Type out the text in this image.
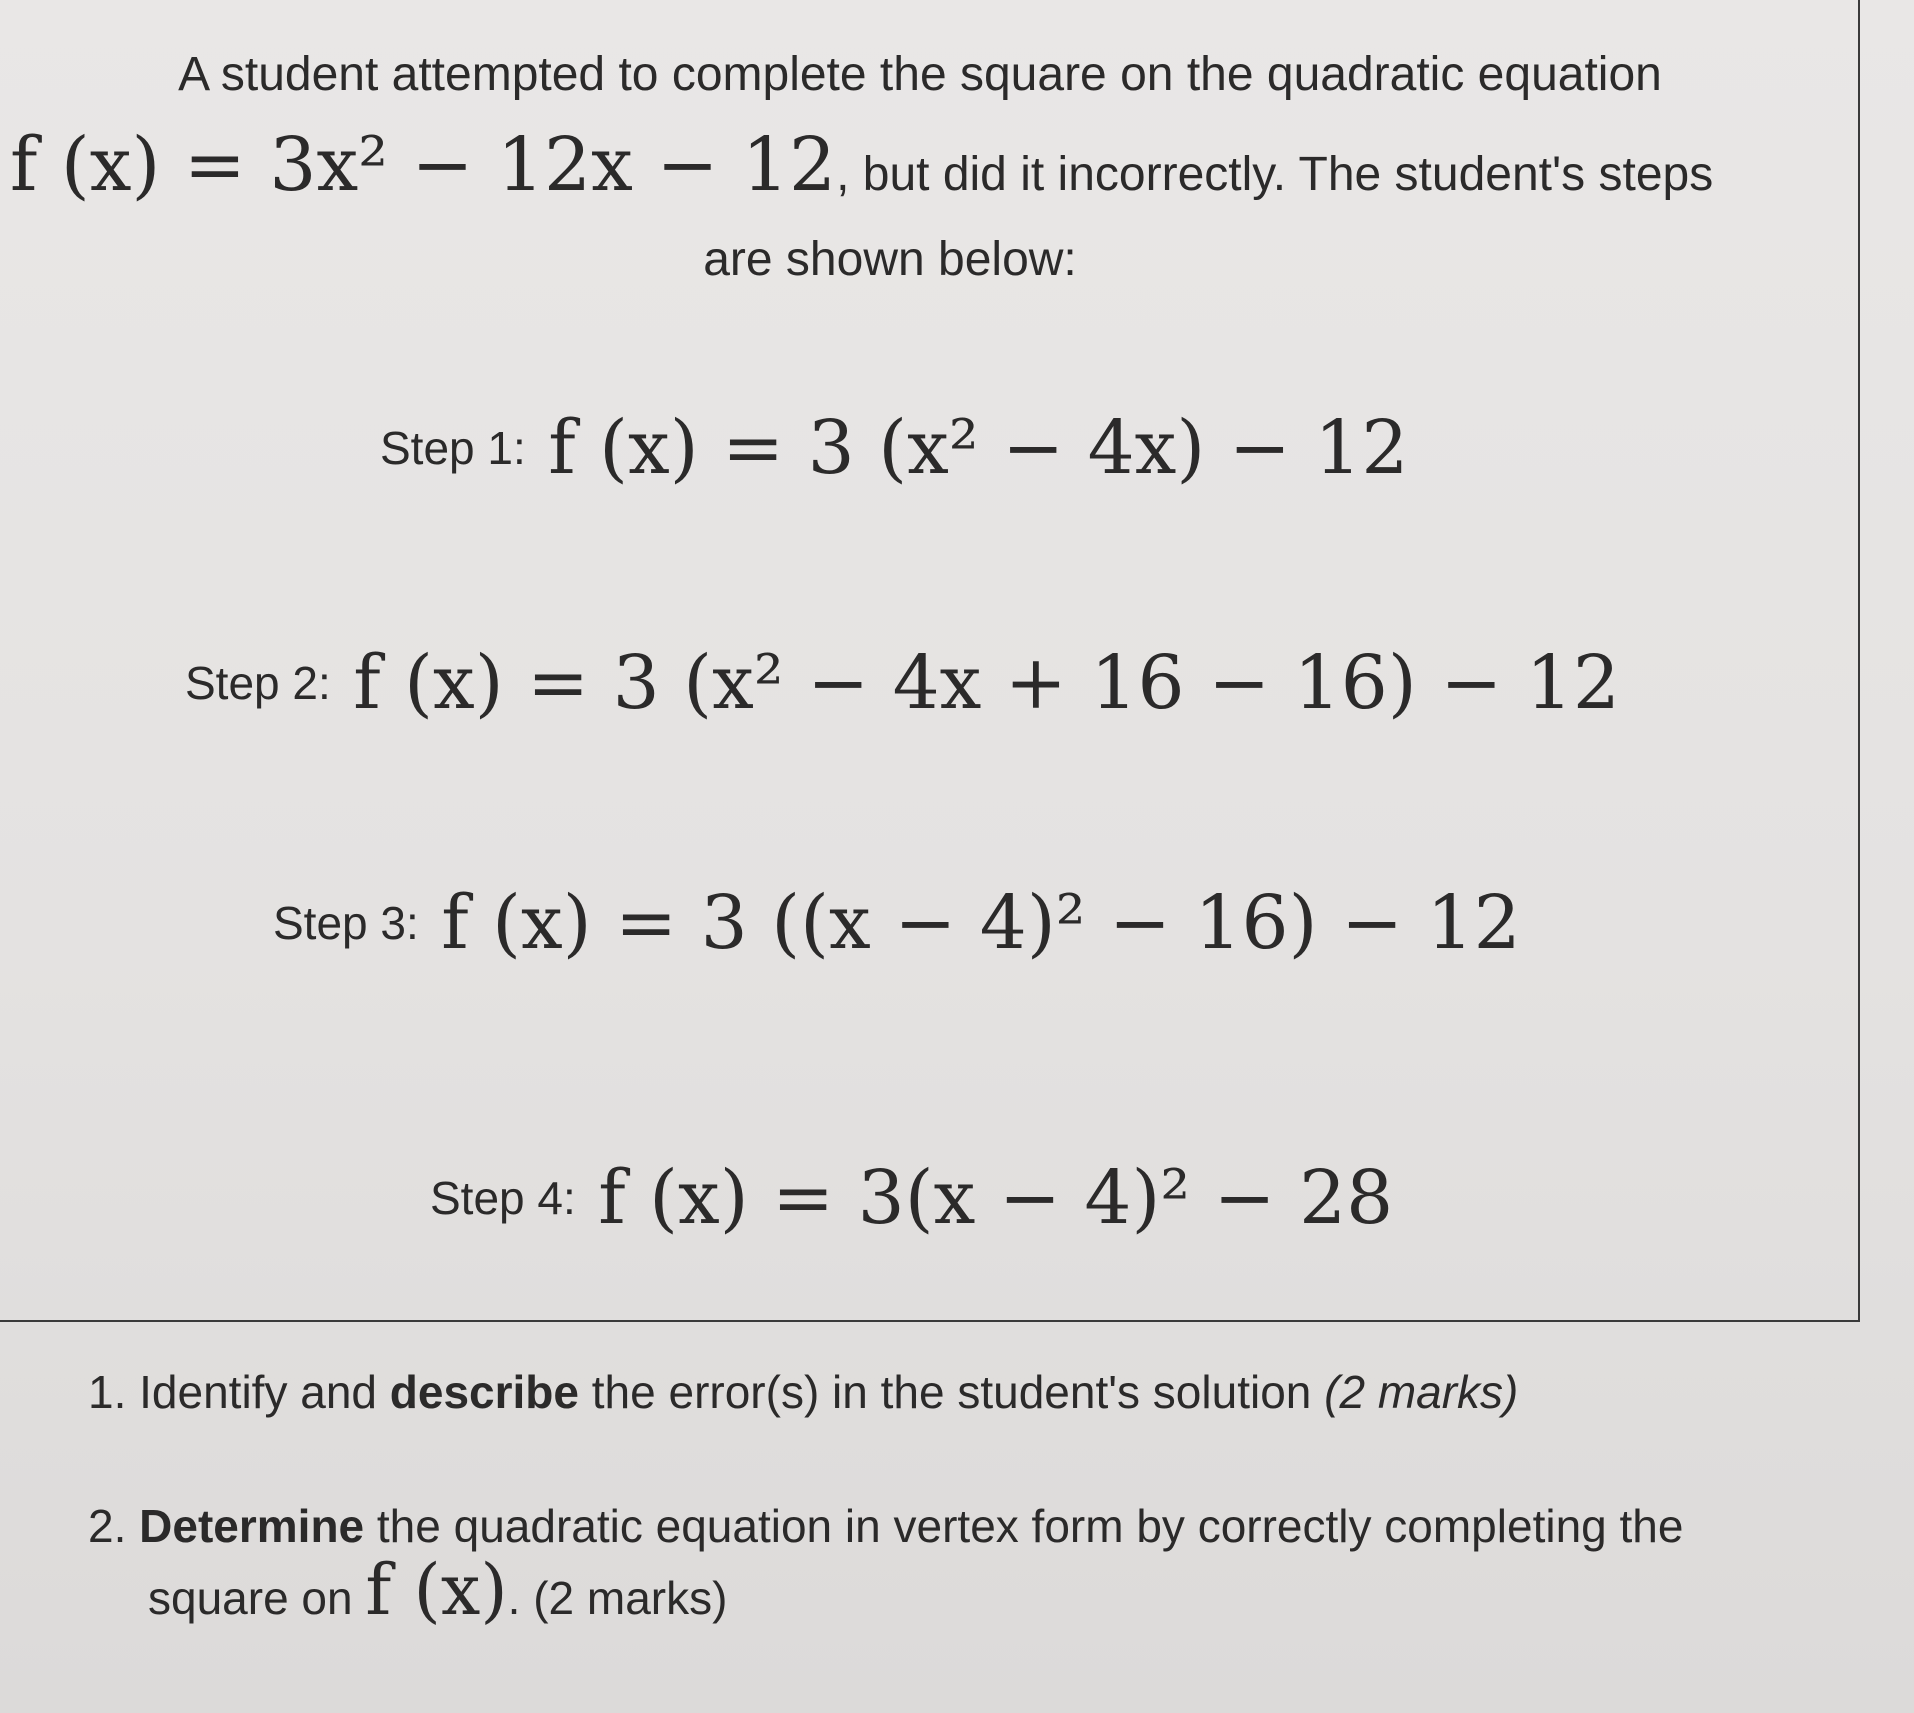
A student attempted to complete the square on the quadratic equation
f (x) = 3x² − 12x − 12, but did it incorrectly. The student's steps
are shown below:
Step 1: f (x) = 3 (x² − 4x) − 12
Step 2: f (x) = 3 (x² − 4x + 16 − 16) − 12
Step 3: f (x) = 3 ((x − 4)² − 16) − 12
Step 4: f (x) = 3(x − 4)² − 28
1. Identify and describe the error(s) in the student's solution (2 marks)
2. Determine the quadratic equation in vertex form by correctly completing the
square on f (x). (2 marks)
